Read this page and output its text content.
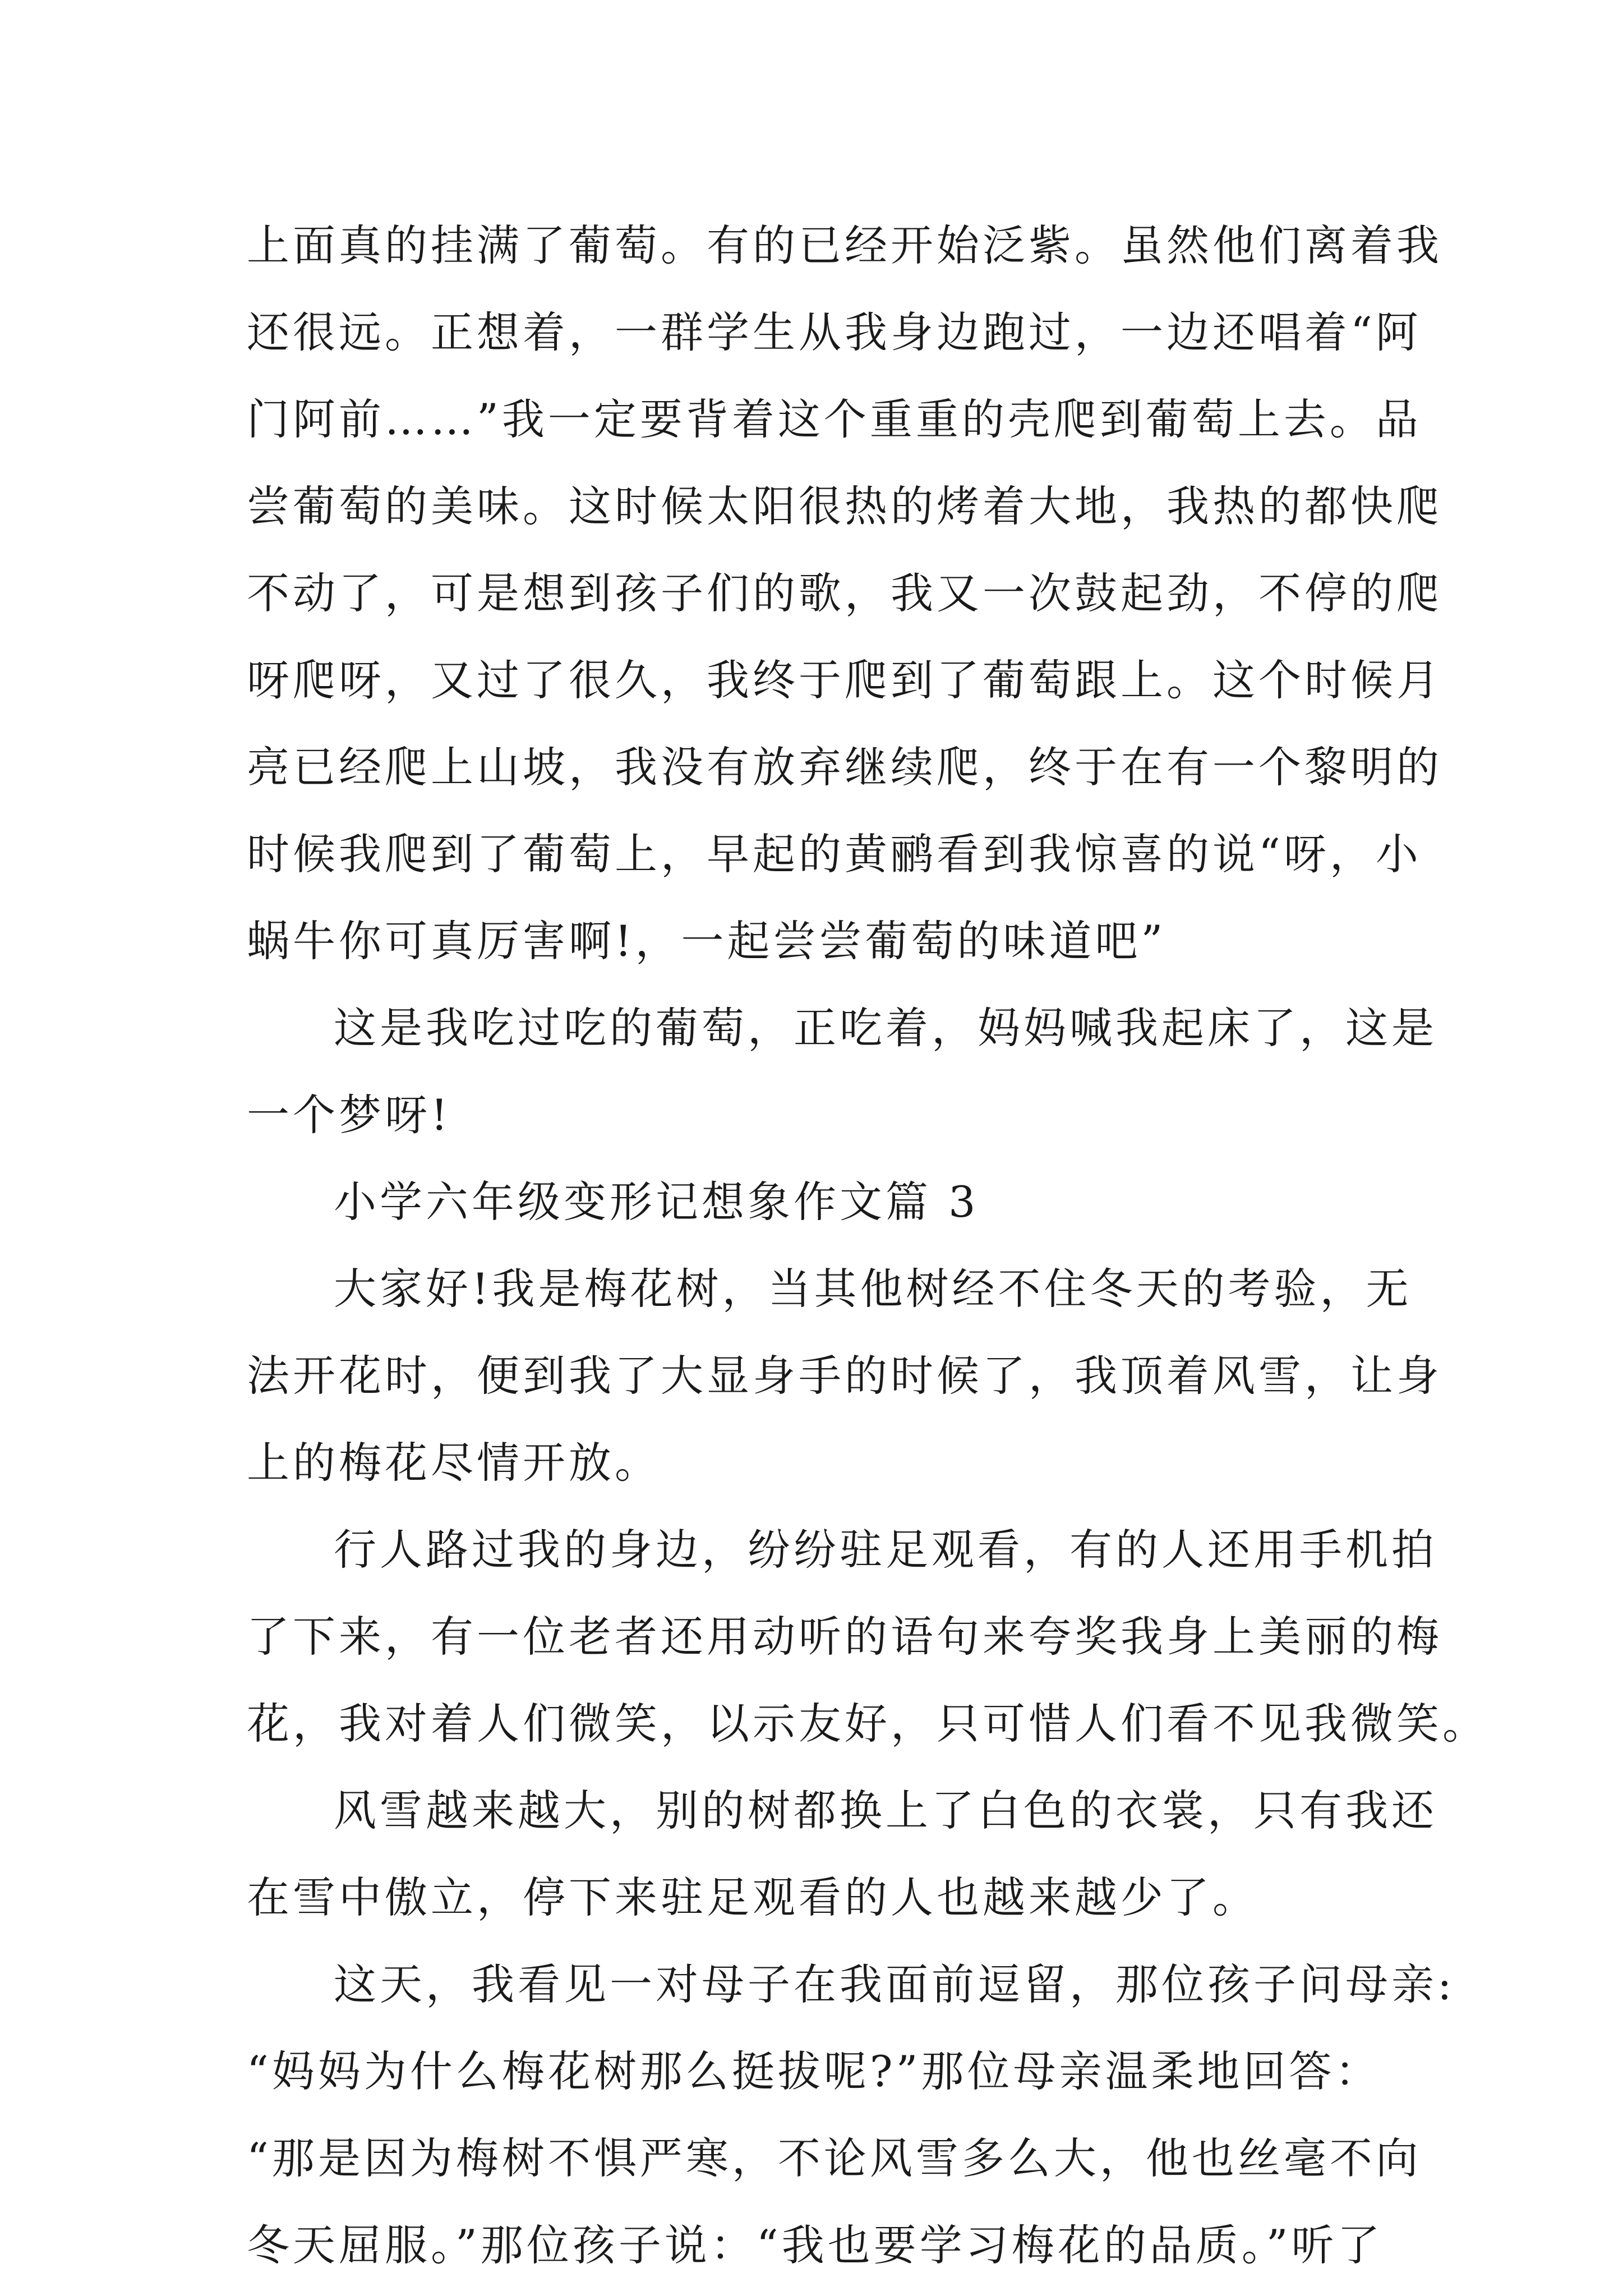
上面真的挂满了葡萄。有的已经开始泛紫。虽然他们离着我
还很远。正想着，一群学生从我身边跑过，一边还唱着“阿
门阿前……”我一定要背着这个重重的壳爬到葡萄上去。品
尝葡萄的美味。这时候太阳很热的烤着大地，我热的都快爬
不动了，可是想到孩子们的歌，我又一次鼓起劲，不停的爬
呀爬呀，又过了很久，我终于爬到了葡萄跟上。这个时候月
亮已经爬上山坡，我没有放弃继续爬，终于在有一个黎明的
时候我爬到了葡萄上，早起的黄鹂看到我惊喜的说“呀，小
蜗牛你可真厉害啊!，一起尝尝葡萄的味道吧”
这是我吃过吃的葡萄，正吃着，妈妈喊我起床了，这是
一个梦呀!
小学六年级变形记想象作文篇 3
大家好!我是梅花树，当其他树经不住冬天的考验，无
法开花时，便到我了大显身手的时候了，我顶着风雪，让身
上的梅花尽情开放。
行人路过我的身边，纷纷驻足观看，有的人还用手机拍
了下来，有一位老者还用动听的语句来夸奖我身上美丽的梅
花，我对着人们微笑，以示友好，只可惜人们看不见我微笑。
风雪越来越大，别的树都换上了白色的衣裳，只有我还
在雪中傲立，停下来驻足观看的人也越来越少了。
这天，我看见一对母子在我面前逗留，那位孩子问母亲:
“妈妈为什么梅花树那么挺拔呢?”那位母亲温柔地回答：
“那是因为梅树不惧严寒，不论风雪多么大，他也丝毫不向
冬天屈服。”那位孩子说：“我也要学习梅花的品质。”听了
